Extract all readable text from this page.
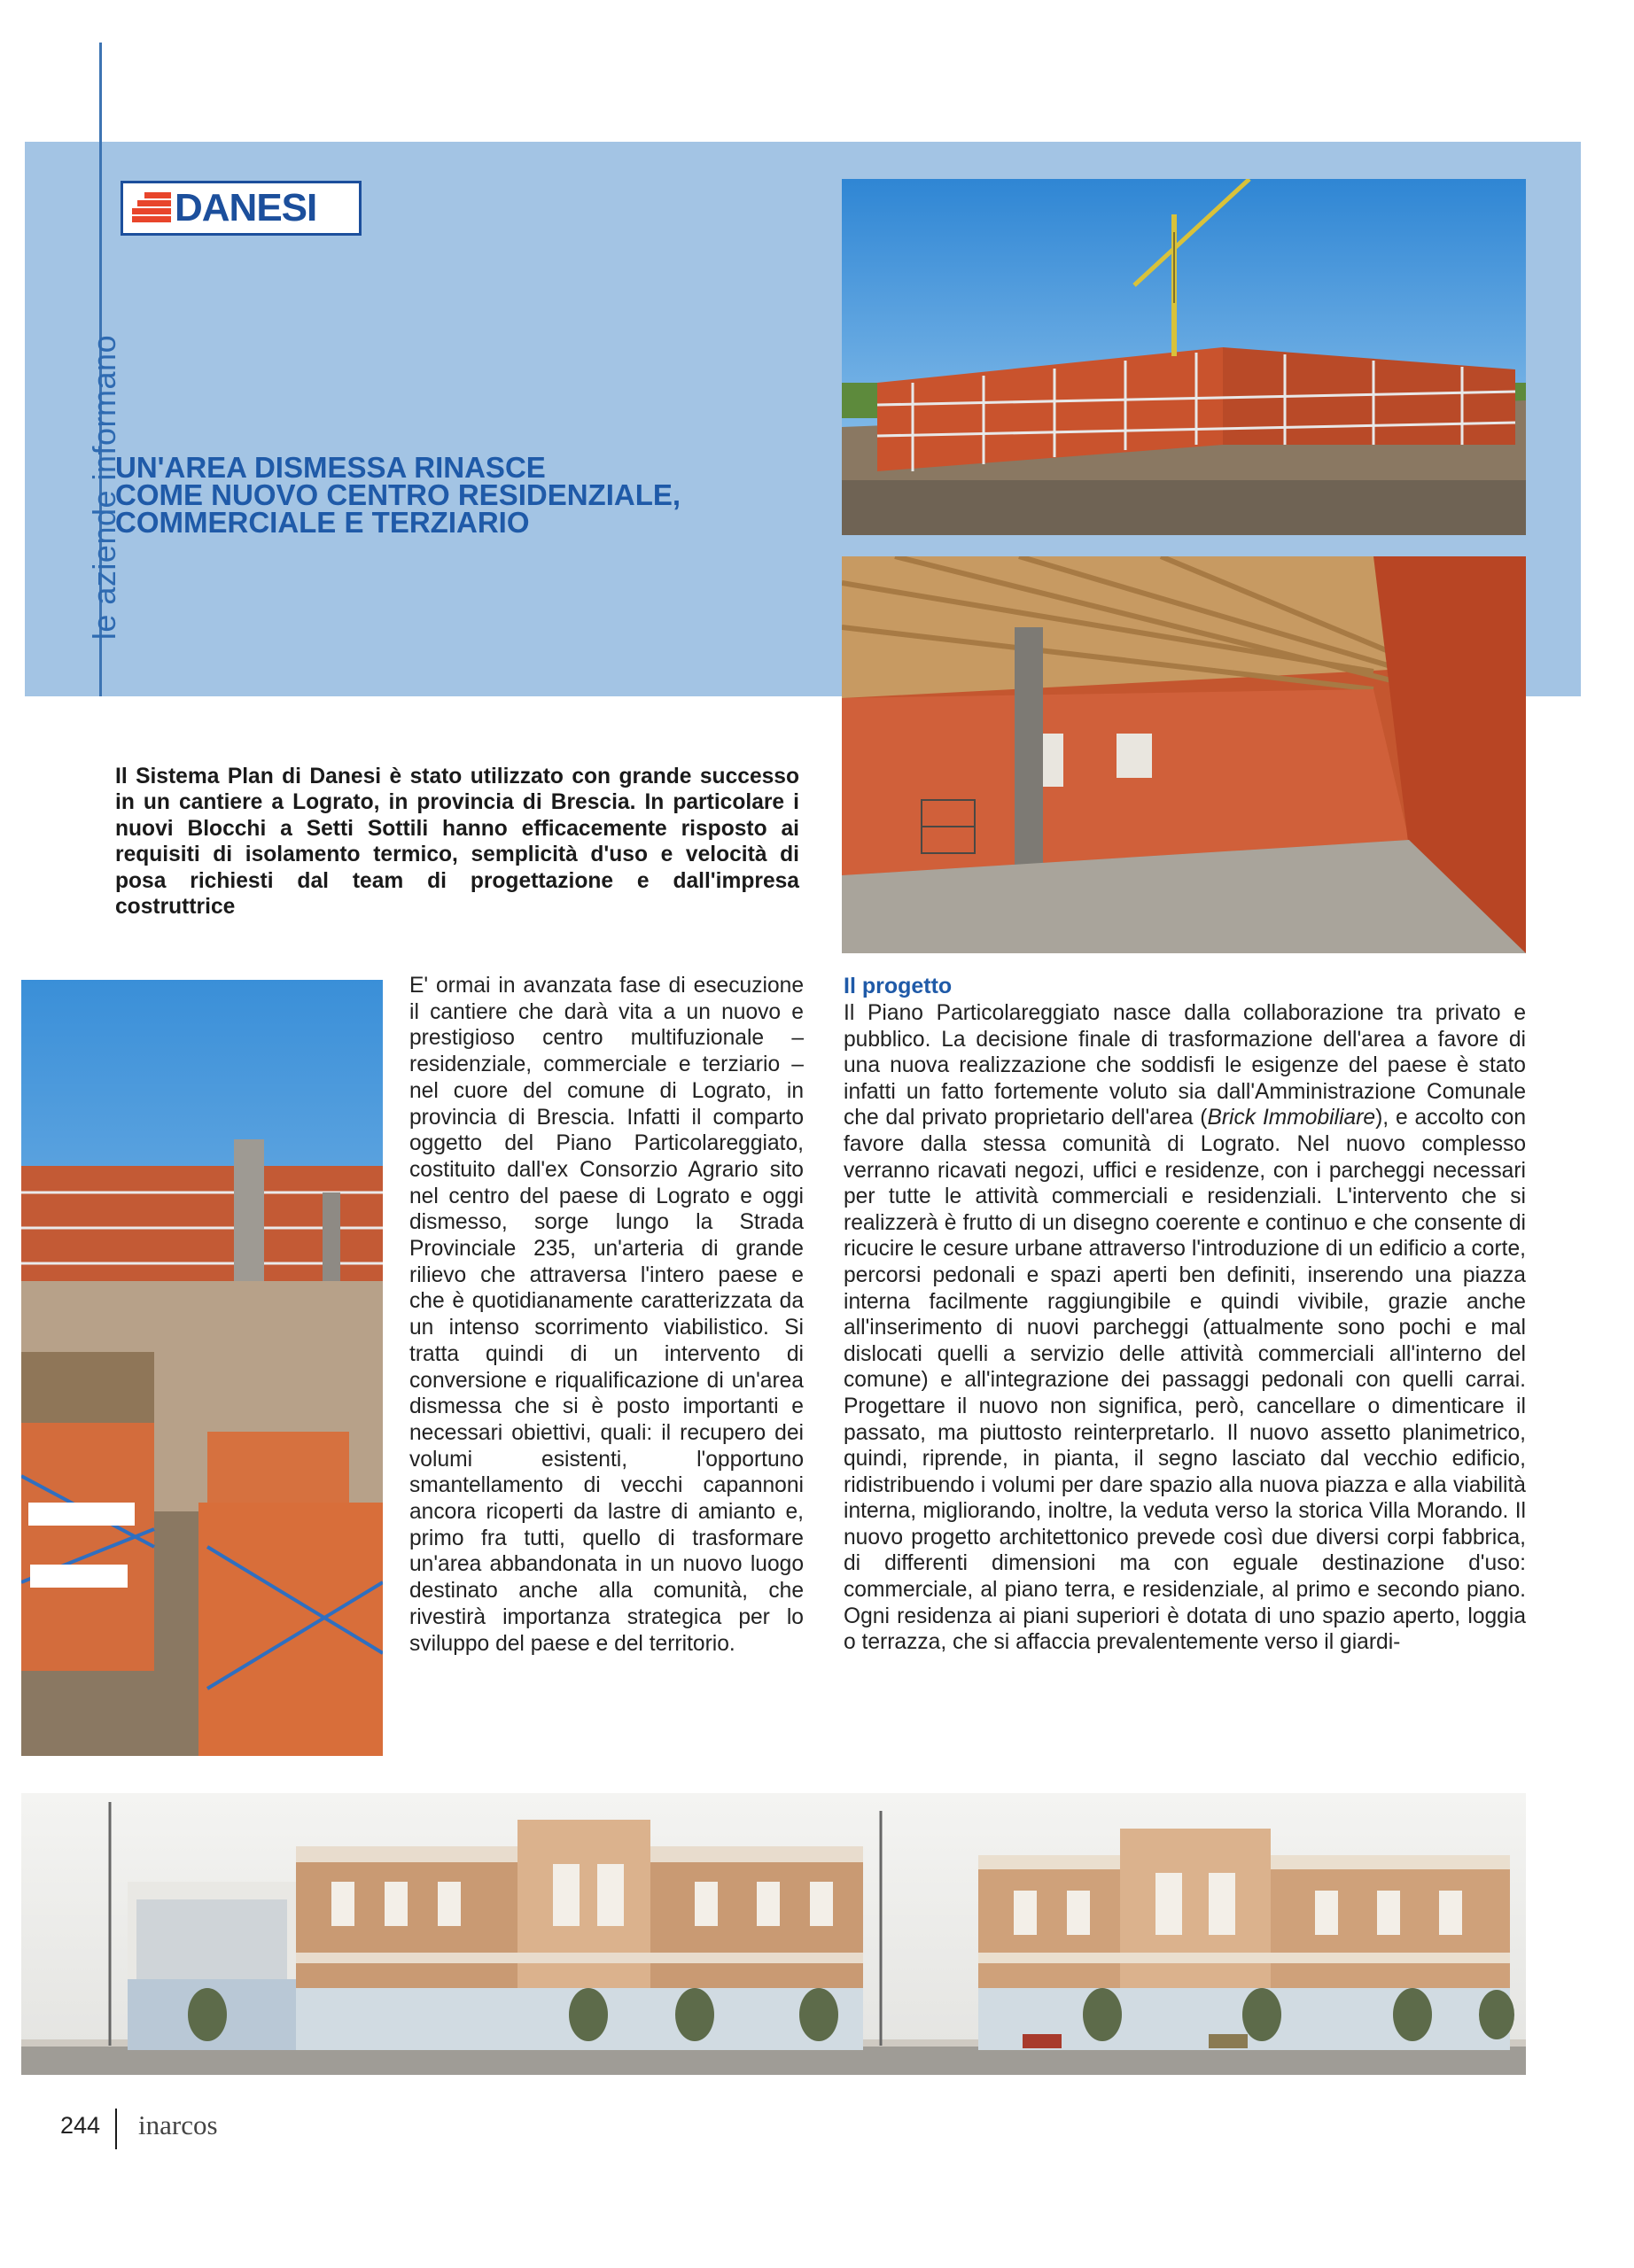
le aziende informano
DANESI
UN'AREA DISMESSA RINASCE
COME NUOVO CENTRO RESIDENZIALE,
COMMERCIALE E TERZIARIO

Il Sistema Plan di Danesi è stato utilizzato con grande successo in un cantiere a Lograto, in provincia di Brescia. In particolare i nuovi Blocchi a Setti Sottili hanno efficacemente risposto ai requisiti di isolamento termico, semplicità d'uso e velocità di posa richiesti dal team di progettazione e dall'impresa costruttrice

E' ormai in avanzata fase di esecuzione il cantiere che darà vita a un nuovo e prestigioso centro multifuzionale – residenziale, commerciale e terziario – nel cuore del comune di Lograto, in provincia di Brescia. Infatti il comparto oggetto del Piano Particolareggiato, costituito dall'ex Consorzio Agrario sito nel centro del paese di Lograto e oggi dismesso, sorge lungo la Strada Provinciale 235, un'arteria di grande rilievo che attraversa l'intero paese e che è quotidianamente caratterizzata da un intenso scorrimento viabilistico. Si tratta quindi di un intervento di conversione e riqualificazione di un'area dismessa che si è posto importanti e necessari obiettivi, quali: il recupero dei volumi esistenti, l'opportuno smantellamento di vecchi capannoni ancora ricoperti da lastre di amianto e, primo fra tutti, quello di trasformare un'area abbandonata in un nuovo luogo destinato anche alla comunità, che rivestirà importanza strategica per lo sviluppo del paese e del territorio.

Il progetto

Il Piano Particolareggiato nasce dalla collaborazione tra privato e pubblico. La decisione finale di trasformazione dell'area a favore di una nuova realizzazione che soddisfi le esigenze del paese è stato infatti un fatto fortemente voluto sia dall'Amministrazione Comunale che dal privato proprietario dell'area (Brick Immobiliare), e accolto con favore dalla stessa comunità di Lograto. Nel nuovo complesso verranno ricavati negozi, uffici e residenze, con i parcheggi necessari per tutte le attività commerciali e residenziali. L'intervento che si realizzerà è frutto di un disegno coerente e continuo e che consente di ricucire le cesure urbane attraverso l'introduzione di un edificio a corte, percorsi pedonali e spazi aperti ben definiti, inserendo una piazza interna facilmente raggiungibile e quindi vivibile, grazie anche all'inserimento di nuovi parcheggi (attualmente sono pochi e mal dislocati quelli a servizio delle attività commerciali all'interno del comune) e all'integrazione dei passaggi pedonali con quelli carrai. Progettare il nuovo non significa, però, cancellare o dimenticare il passato, ma piuttosto reinterpretarlo. Il nuovo assetto planimetrico, quindi, riprende, in pianta, il segno lasciato dal vecchio edificio, ridistribuendo i volumi per dare spazio alla nuova piazza e alla viabilità interna, migliorando, inoltre, la veduta verso la storica Villa Morando. Il nuovo progetto architettonico prevede così due diversi corpi fabbrica, di differenti dimensioni ma con eguale destinazione d'uso: commerciale, al piano terra, e residenziale, al primo e secondo piano. Ogni residenza ai piani superiori è dotata di uno spazio aperto, loggia o terrazza, che si affaccia prevalentemente verso il giardi-

244 inarcos
